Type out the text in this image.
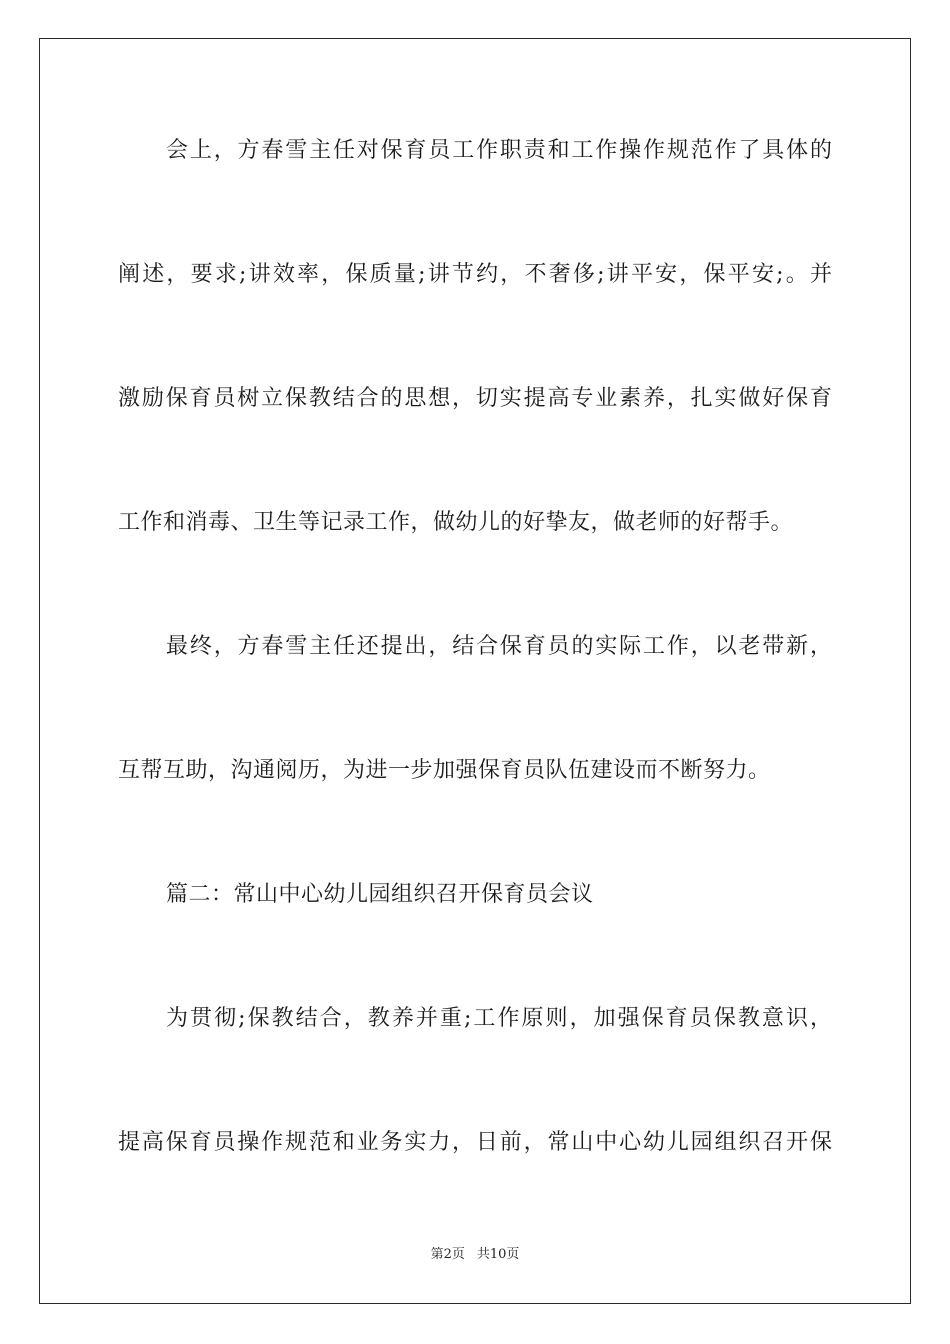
会上，方春雪主任对保育员工作职责和工作操作规范作了具体的
阐述，要求;讲效率，保质量;讲节约，不奢侈;讲平安，保平安;。并
激励保育员树立保教结合的思想，切实提高专业素养，扎实做好保育
工作和消毒、卫生等记录工作，做幼儿的好挚友，做老师的好帮手。
最终，方春雪主任还提出，结合保育员的实际工作，以老带新，
互帮互助，沟通阅历，为进一步加强保育员队伍建设而不断努力。
篇二：常山中心幼儿园组织召开保育员会议
为贯彻;保教结合，教养并重;工作原则，加强保育员保教意识，
提高保育员操作规范和业务实力，日前，常山中心幼儿园组织召开保
第2页 共10页
